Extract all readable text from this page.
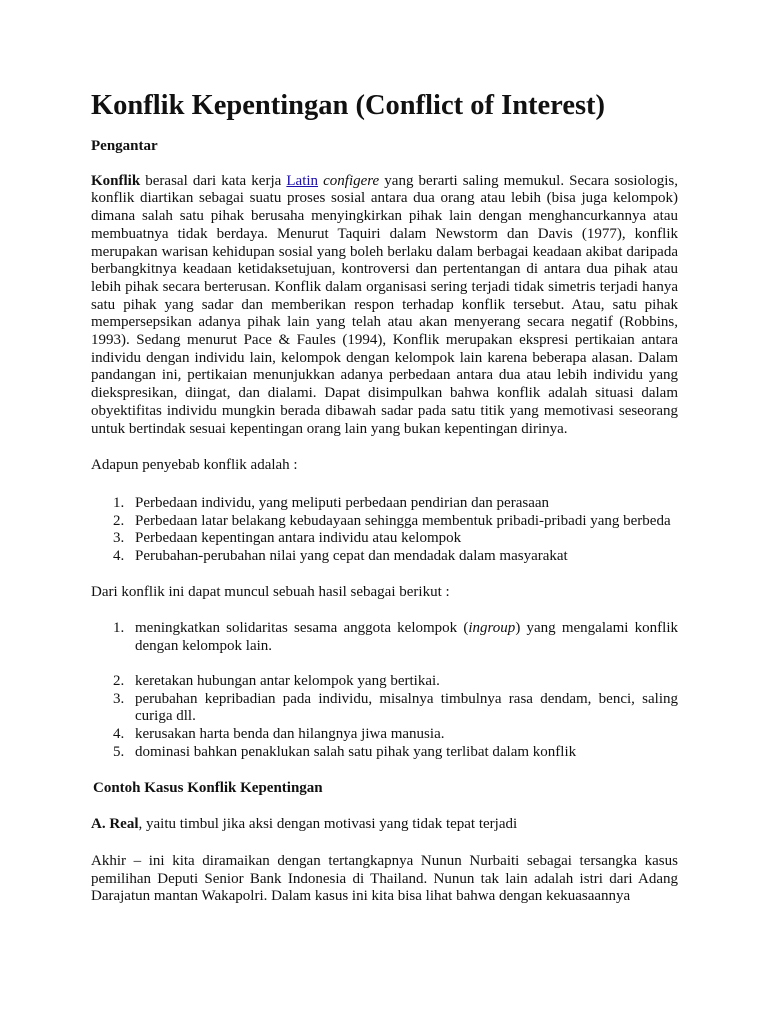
Konflik Kepentingan (Conflict of Interest)

Pengantar

Konflik berasal dari kata kerja Latin configere yang berarti saling memukul. Secara sosiologis, konflik diartikan sebagai suatu proses sosial antara dua orang atau lebih (bisa juga kelompok) dimana salah satu pihak berusaha menyingkirkan pihak lain dengan menghancurkannya atau membuatnya tidak berdaya. Menurut Taquiri dalam Newstorm dan Davis (1977), konflik merupakan warisan kehidupan sosial yang boleh berlaku dalam berbagai keadaan akibat daripada berbangkitnya keadaan ketidaksetujuan, kontroversi dan pertentangan di antara dua pihak atau lebih pihak secara berterusan. Konflik dalam organisasi sering terjadi tidak simetris terjadi hanya satu pihak yang sadar dan memberikan respon terhadap konflik tersebut. Atau, satu pihak mempersepsikan adanya pihak lain yang telah atau akan menyerang secara negatif (Robbins, 1993). Sedang menurut Pace & Faules (1994), Konflik merupakan ekspresi pertikaian antara individu dengan individu lain, kelompok dengan kelompok lain karena beberapa alasan. Dalam pandangan ini, pertikaian menunjukkan adanya perbedaan antara dua atau lebih individu yang diekspresikan, diingat, dan dialami. Dapat disimpulkan bahwa konflik adalah situasi dalam obyektifitas individu mungkin berada dibawah sadar pada satu titik yang memotivasi seseorang untuk bertindak sesuai kepentingan orang lain yang bukan kepentingan dirinya.

Adapun penyebab konflik adalah :

1. Perbedaan individu, yang meliputi perbedaan pendirian dan perasaan
2. Perbedaan latar belakang kebudayaan sehingga membentuk pribadi-pribadi yang berbeda
3. Perbedaan kepentingan antara individu atau kelompok
4. Perubahan-perubahan nilai yang cepat dan mendadak dalam masyarakat

Dari konflik ini dapat muncul sebuah hasil sebagai berikut :

1. meningkatkan solidaritas sesama anggota kelompok (ingroup) yang mengalami konflik dengan kelompok lain.
2. keretakan hubungan antar kelompok yang bertikai.
3. perubahan kepribadian pada individu, misalnya timbulnya rasa dendam, benci, saling curiga dll.
4. kerusakan harta benda dan hilangnya jiwa manusia.
5. dominasi bahkan penaklukan salah satu pihak yang terlibat dalam konflik

Contoh Kasus Konflik Kepentingan

A. Real, yaitu timbul jika aksi dengan motivasi yang tidak tepat terjadi

Akhir – ini kita diramaikan dengan tertangkapnya Nunun Nurbaiti sebagai tersangka kasus pemilihan Deputi Senior Bank Indonesia di Thailand. Nunun tak lain adalah istri dari Adang Darajatun mantan Wakapolri. Dalam kasus ini kita bisa lihat bahwa dengan kekuasaannya
